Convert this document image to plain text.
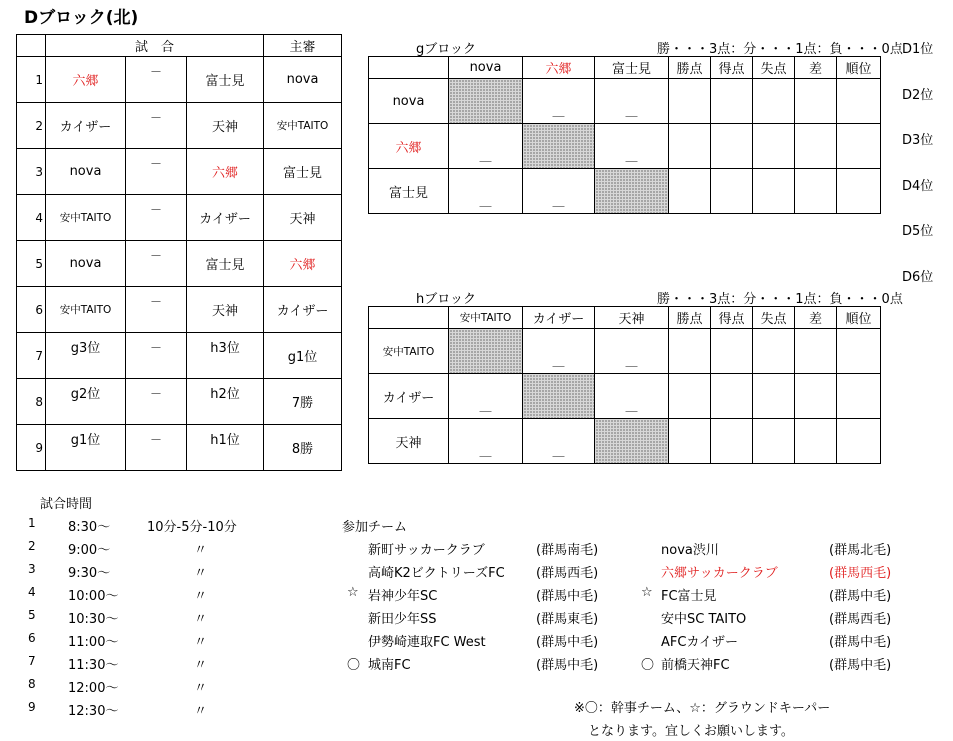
Dブロック(北)
	試　合			主審
1	六郷	－	富士見	nova
2	カイザー	－	天神	安中TAITO
3	nova	－	六郷	富士見
4	安中TAITO	－	カイザー	天神
5	nova	－	富士見	六郷
6	安中TAITO	－	天神	カイザー
7	g3位	－	h3位	g1位
8	g2位	－	h2位	7勝
9	g1位	－	h1位	8勝
gブロック	勝・・・3点：分・・・1点：負・・・0点
	nova	六郷	富士見	勝点	得点	失点	差	順位
nova		＿	＿					

六郷	＿		＿					

富士見	＿	＿						

hブロック	勝・・・3点：分・・・1点：負・・・0点
	安中TAITO	カイザー	天神	勝点	得点	失点	差	順位
安中TAITO		＿	＿					

カイザー	＿		＿					

天神	＿	＿						

D1位
D2位
D3位
D4位
D5位
D6位
試合時間
10分-5分-10分
1 8:30～
2 9:00～	〃
3 9:30～	〃
4 10:00～	〃
5 10:30～	〃
6 11:00～	〃
7 11:30～	〃
8 12:00～	〃
9 12:30～	〃
参加チーム
新町サッカークラブ	(群馬南毛)	nova渋川	(群馬北毛)
高崎K2ビクトリーズFC (群馬西毛)	六郷サッカークラブ	(群馬西毛)
☆ 岩神少年SC	(群馬中毛)	☆ FC富士見	(群馬中毛)
新田少年SS	(群馬東毛)	安中SC TAITO	(群馬西毛)
伊勢崎連取FC West	(群馬中毛)	AFCカイザー	(群馬中毛)
〇 城南FC	(群馬中毛)	〇 前橋天神FC	(群馬中毛)
※〇：幹事チーム、☆：グラウンドキーパー
となります。宜しくお願いします。
